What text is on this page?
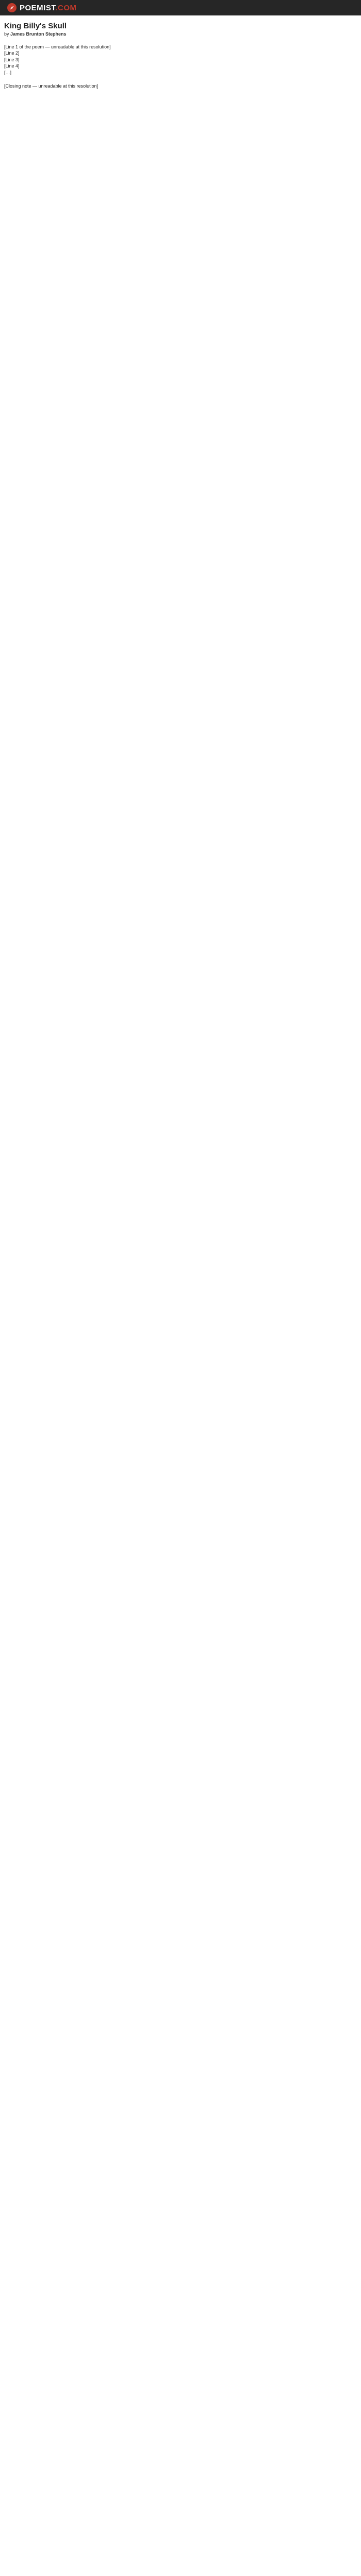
POEMIST.COM
King Billy's Skull
by James Brunton Stephens
[Line 1 of the poem — unreadable at this resolution]
[Line 2]
[Line 3]
[Line 4]
[…]
[Closing note — unreadable at this resolution]
